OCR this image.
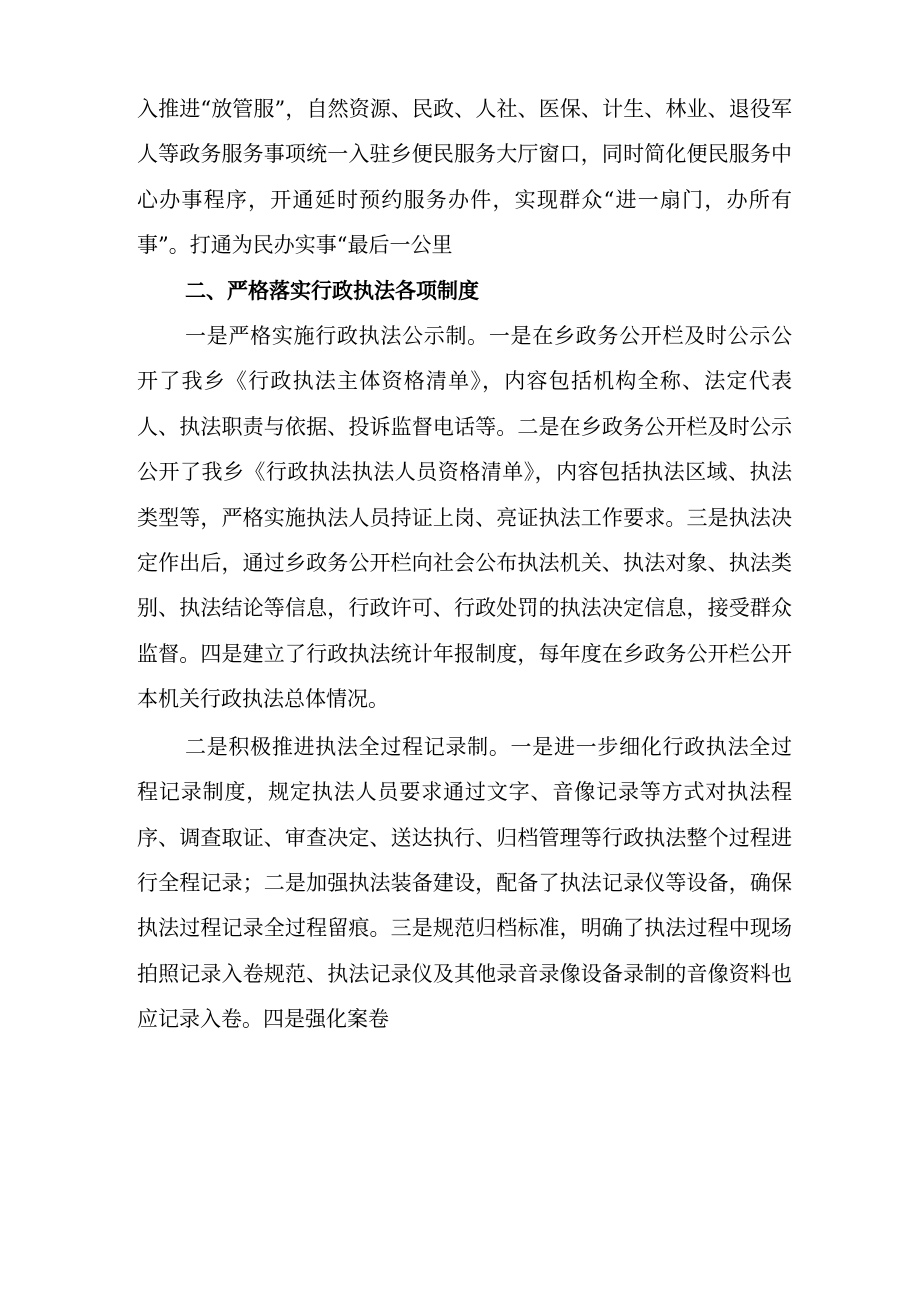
入推进“放管服”，自然资源、民政、人社、医保、计生、林业、退役军人等政务服务事项统一入驻乡便民服务大厅窗口，同时简化便民服务中心办事程序，开通延时预约服务办件，实现群众“进一扇门，办所有事”。打通为民办实事“最后一公里

二、严格落实行政执法各项制度

一是严格实施行政执法公示制。一是在乡政务公开栏及时公示公开了我乡《行政执法主体资格清单》，内容包括机构全称、法定代表人、执法职责与依据、投诉监督电话等。二是在乡政务公开栏及时公示公开了我乡《行政执法执法人员资格清单》，内容包括执法区域、执法类型等，严格实施执法人员持证上岗、亮证执法工作要求。三是执法决定作出后，通过乡政务公开栏向社会公布执法机关、执法对象、执法类别、执法结论等信息，行政许可、行政处罚的执法决定信息，接受群众监督。四是建立了行政执法统计年报制度，每年度在乡政务公开栏公开本机关行政执法总体情况。

二是积极推进执法全过程记录制。一是进一步细化行政执法全过程记录制度，规定执法人员要求通过文字、音像记录等方式对执法程序、调查取证、审查决定、送达执行、归档管理等行政执法整个过程进行全程记录；二是加强执法装备建设，配备了执法记录仪等设备，确保执法过程记录全过程留痕。三是规范归档标准，明确了执法过程中现场拍照记录入卷规范、执法记录仪及其他录音录像设备录制的音像资料也应记录入卷。四是强化案卷
